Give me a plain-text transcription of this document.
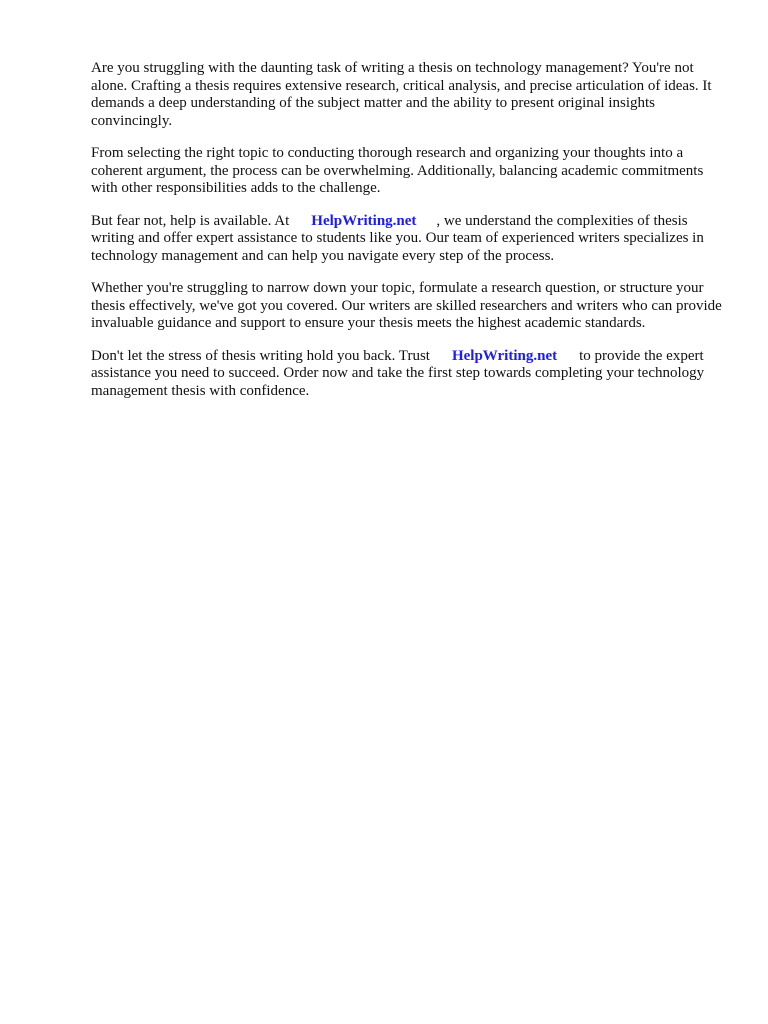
Are you struggling with the daunting task of writing a thesis on technology management? You're not alone. Crafting a thesis requires extensive research, critical analysis, and precise articulation of ideas. It demands a deep understanding of the subject matter and the ability to present original insights convincingly.

From selecting the right topic to conducting thorough research and organizing your thoughts into a coherent argument, the process can be overwhelming. Additionally, balancing academic commitments with other responsibilities adds to the challenge.

But fear not, help is available. At HelpWriting.net , we understand the complexities of thesis writing and offer expert assistance to students like you. Our team of experienced writers specializes in technology management and can help you navigate every step of the process.

Whether you're struggling to narrow down your topic, formulate a research question, or structure your thesis effectively, we've got you covered. Our writers are skilled researchers and writers who can provide invaluable guidance and support to ensure your thesis meets the highest academic standards.

Don't let the stress of thesis writing hold you back. Trust HelpWriting.net to provide the expert assistance you need to succeed. Order now and take the first step towards completing your technology management thesis with confidence.
